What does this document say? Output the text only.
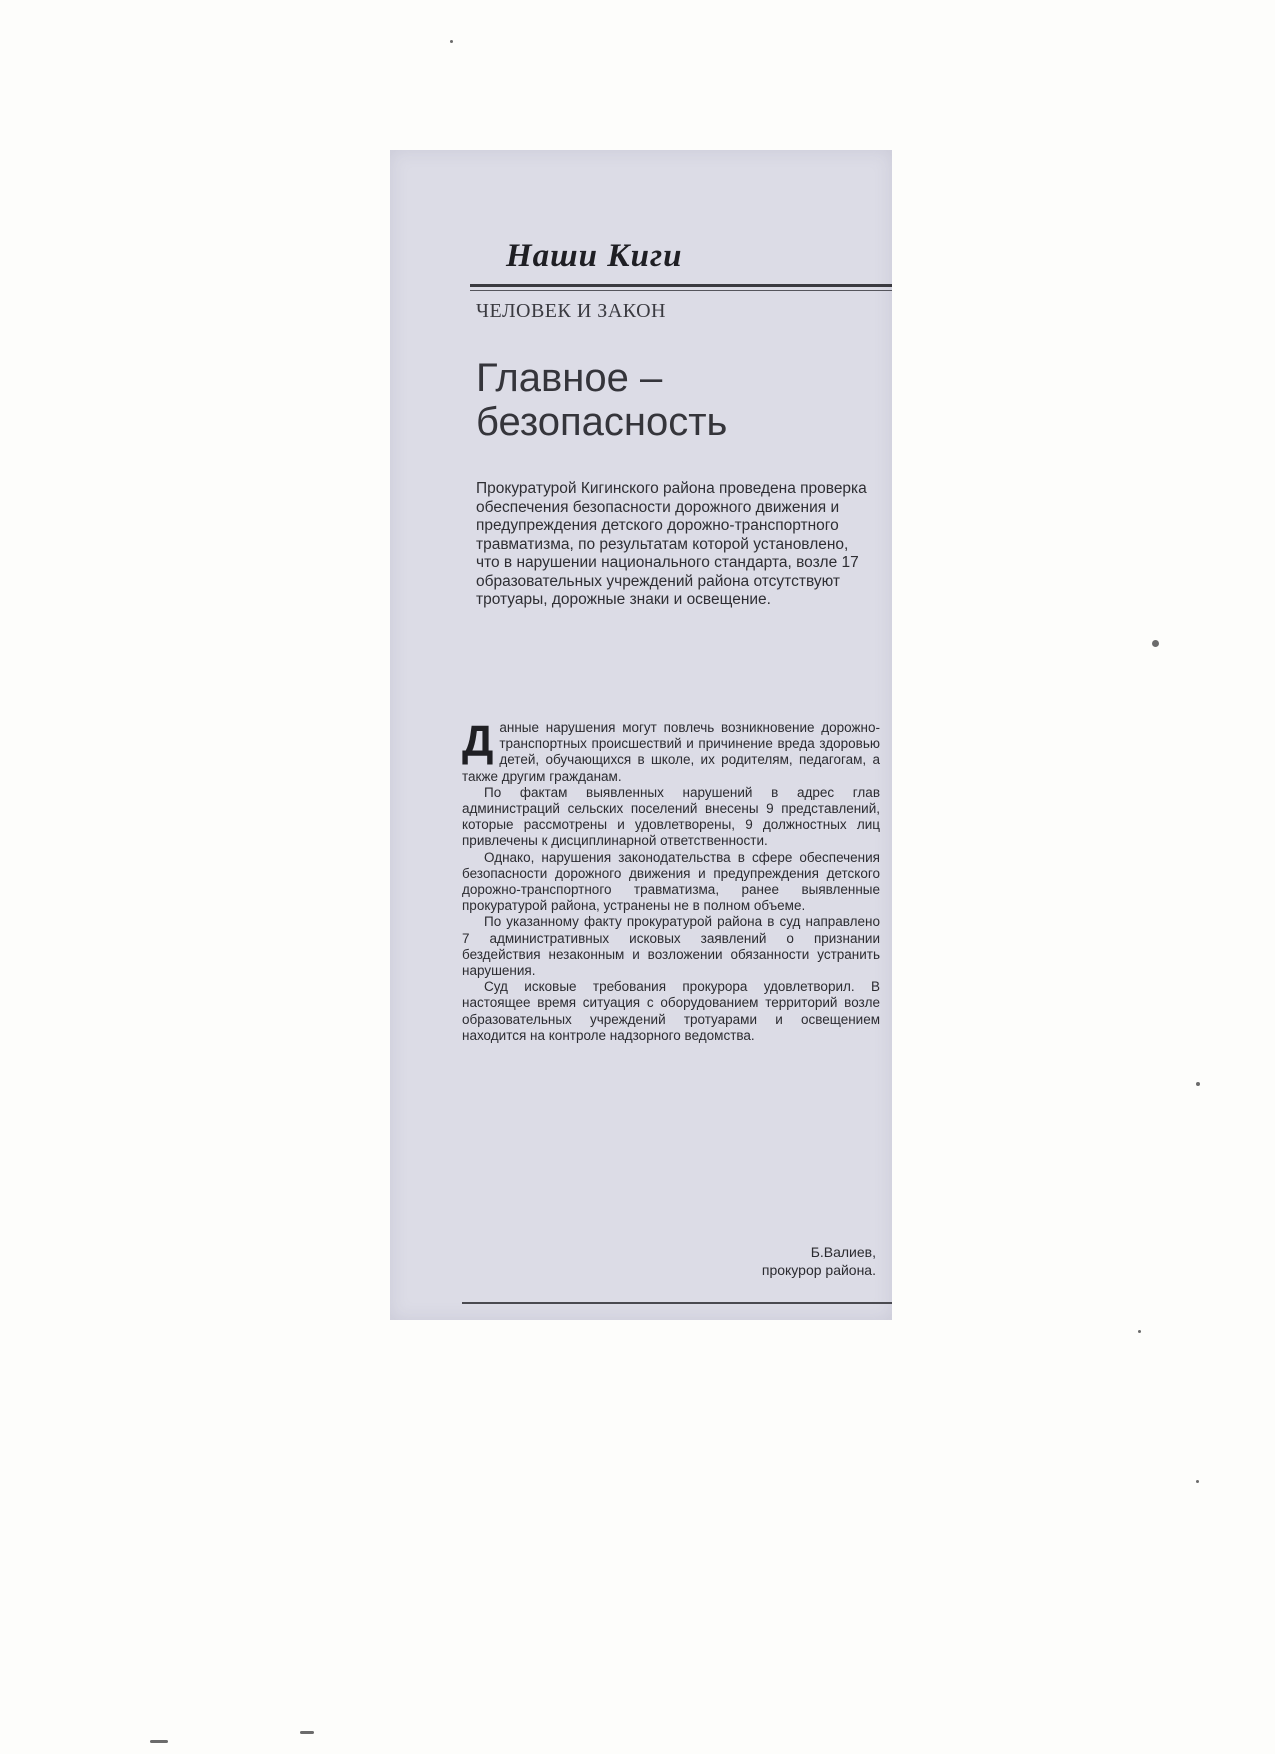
Наши Киги
ЧЕЛОВЕК И ЗАКОН
Главное –
безопасность
Прокуратурой Кигинского района проведена проверка обеспечения безопасности дорожного движения и предупреждения детского дорожно-транспортного травматизма, по результатам которой установлено, что в нарушении национального стандарта, возле 17 образовательных учреждений района отсутствуют тротуары, дорожные знаки и освещение.

Данные нарушения могут повлечь возникновение дорожно-транспортных происшествий и причинение вреда здоровью детей, обучающихся в школе, их родителям, педагогам, а также другим гражданам.

По фактам выявленных нарушений в адрес глав администраций сельских поселений внесены 9 представлений, которые рассмотрены и удовлетворены, 9 должностных лиц привлечены к дисциплинарной ответственности.

Однако, нарушения законодательства в сфере обеспечения безопасности дорожного движения и предупреждения детского дорожно-транспортного травматизма, ранее выявленные прокуратурой района, устранены не в полном объеме.

По указанному факту прокуратурой района в суд направлено 7 административных исковых заявлений о признании бездействия незаконным и возложении обязанности устранить нарушения.

Суд исковые требования прокурора удовлетворил. В настоящее время ситуация с оборудованием территорий возле образовательных учреждений тротуарами и освещением находится на контроле надзорного ведомства.

Б.Валиев,
прокурор района.
